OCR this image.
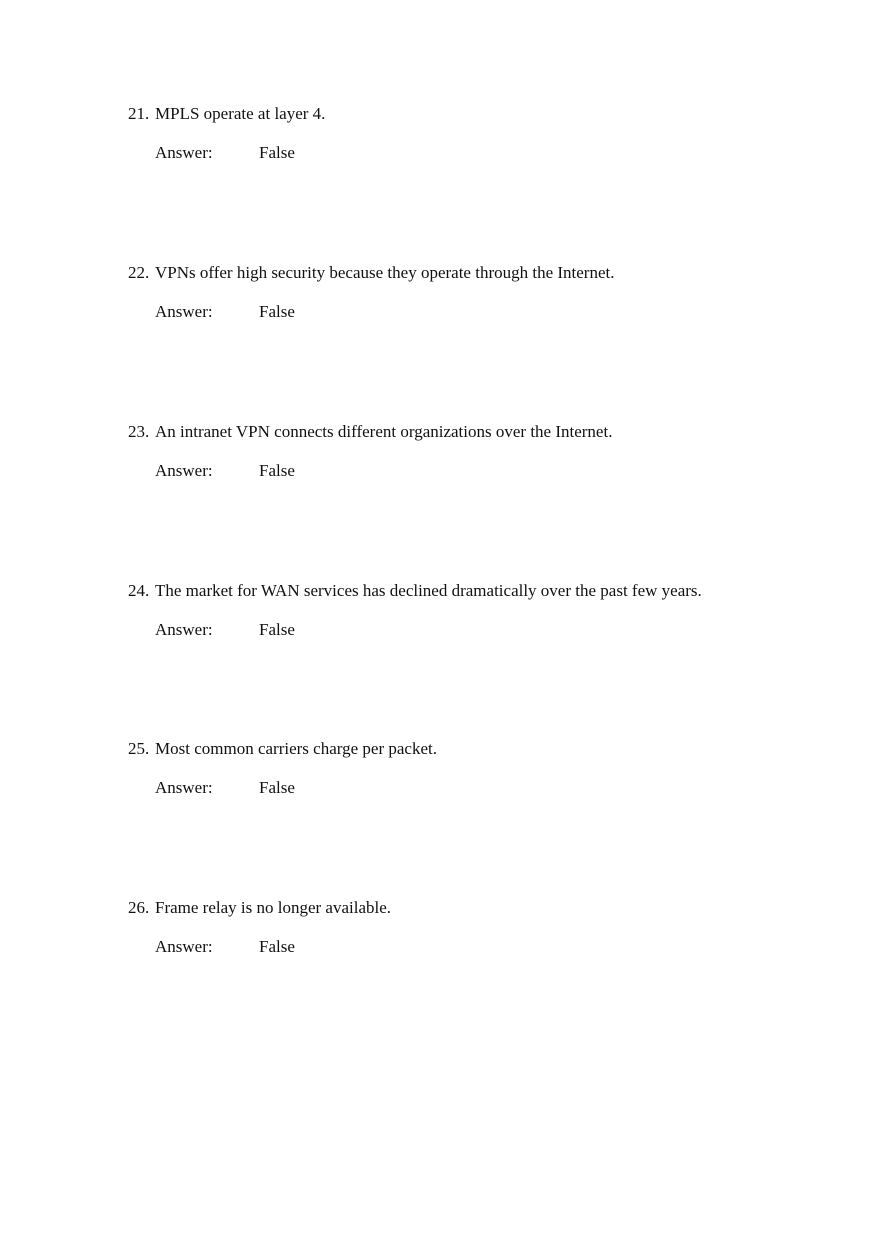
21. MPLS operate at layer 4.
Answer:	False
22. VPNs offer high security because they operate through the Internet.
Answer:	False
23. An intranet VPN connects different organizations over the Internet.
Answer:	False
24. The market for WAN services has declined dramatically over the past few years.
Answer:	False
25. Most common carriers charge per packet.
Answer:	False
26. Frame relay is no longer available.
Answer:	False
